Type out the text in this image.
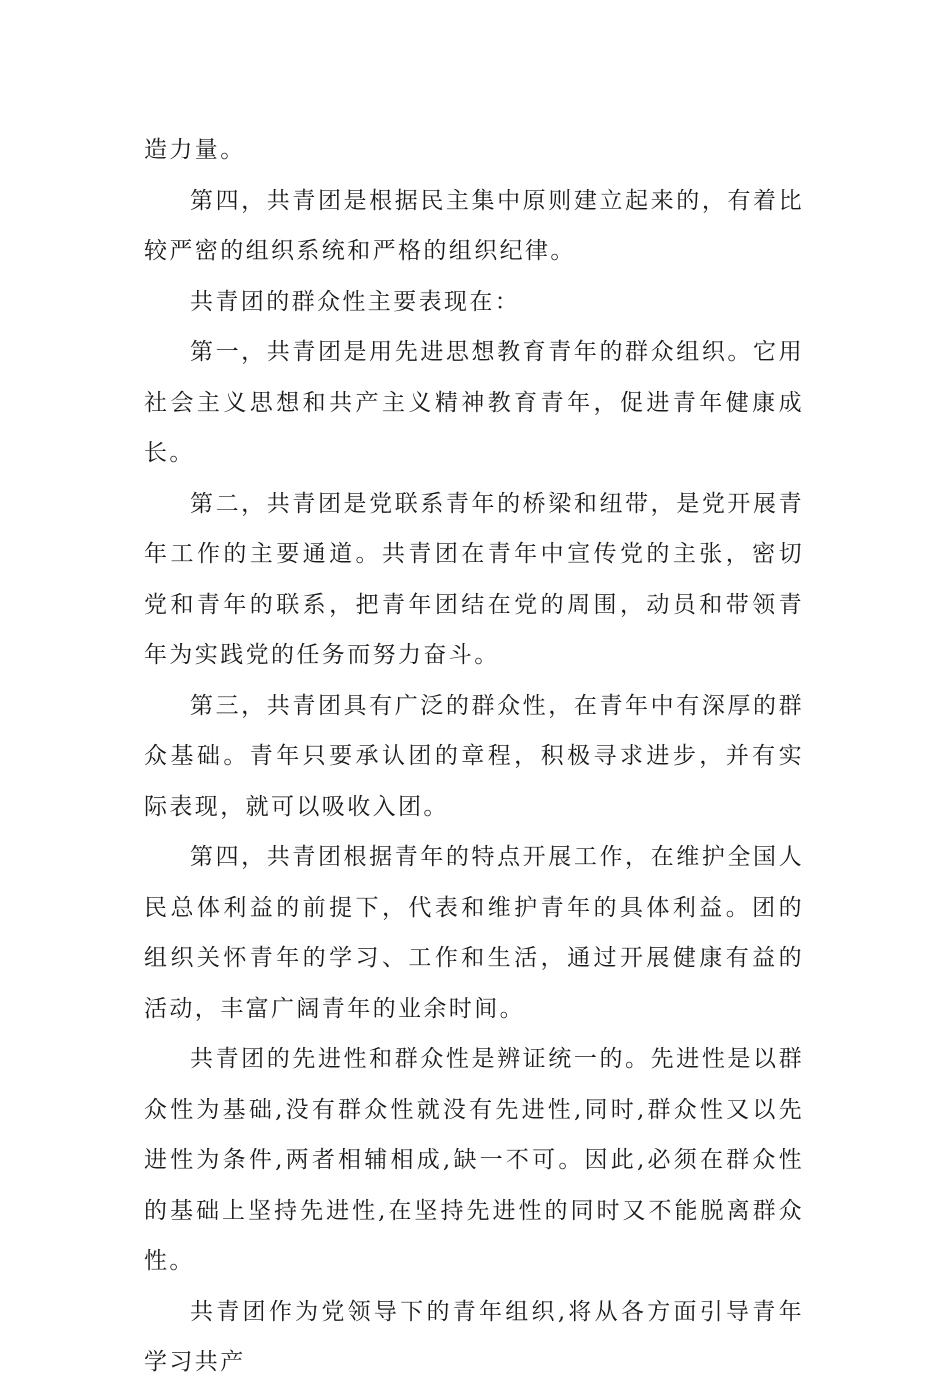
造力量。

第四，共青团是根据民主集中原则建立起来的，有着比较严密的组织系统和严格的组织纪律。

共青团的群众性主要表现在：

第一，共青团是用先进思想教育青年的群众组织。它用社会主义思想和共产主义精神教育青年，促进青年健康成长。

第二，共青团是党联系青年的桥梁和纽带，是党开展青年工作的主要通道。共青团在青年中宣传党的主张，密切党和青年的联系，把青年团结在党的周围，动员和带领青年为实践党的任务而努力奋斗。

第三，共青团具有广泛的群众性，在青年中有深厚的群众基础。青年只要承认团的章程，积极寻求进步，并有实际表现，就可以吸收入团。

第四，共青团根据青年的特点开展工作，在维护全国人民总体利益的前提下，代表和维护青年的具体利益。团的组织关怀青年的学习、工作和生活，通过开展健康有益的活动，丰富广阔青年的业余时间。

共青团的先进性和群众性是辨证统一的。先进性是以群众性为基础,没有群众性就没有先进性,同时,群众性又以先进性为条件,两者相辅相成,缺一不可。因此,必须在群众性的基础上坚持先进性,在坚持先进性的同时又不能脱离群众性。

共青团作为党领导下的青年组织,将从各方面引导青年学习共产
